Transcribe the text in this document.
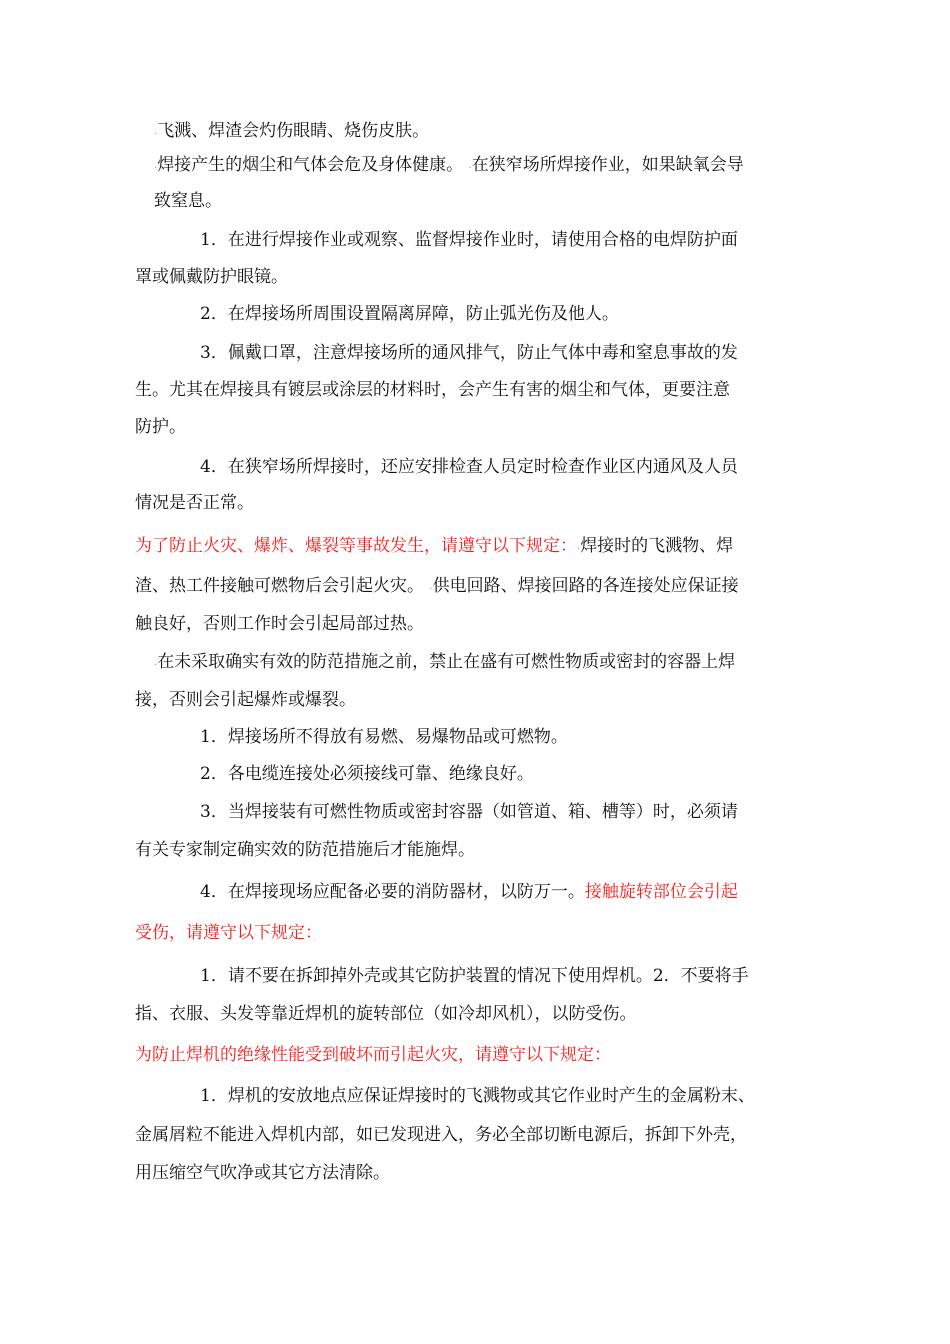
.飞溅、焊渣会灼伤眼睛、烧伤皮肤。
.焊接产生的烟尘和气体会危及身体健康。 .在狭窄场所焊接作业，如果缺氧会导
致窒息。
1．在进行焊接作业或观察、监督焊接作业时，请使用合格的电焊防护面
罩或佩戴防护眼镜。
2．在焊接场所周围设置隔离屏障，防止弧光伤及他人。
3．佩戴口罩，注意焊接场所的通风排气，防止气体中毒和窒息事故的发
生。尤其在焊接具有镀层或涂层的材料时，会产生有害的烟尘和气体，更要注意
防护。
4．在狭窄场所焊接时，还应安排检查人员定时检查作业区内通风及人员
情况是否正常。
为了防止火灾、爆炸、爆裂等事故发生，请遵守以下规定：.焊接时的飞溅物、焊
渣、热工件接触可燃物后会引起火灾。 .供电回路、焊接回路的各连接处应保证接
触良好，否则工作时会引起局部过热。
.在未采取确实有效的防范措施之前，禁止在盛有可燃性物质或密封的容器上焊
接，否则会引起爆炸或爆裂。
1．焊接场所不得放有易燃、易爆物品或可燃物。
2．各电缆连接处必须接线可靠、绝缘良好。
3．当焊接装有可燃性物质或密封容器（如管道、箱、槽等）时，必须请
有关专家制定确实效的防范措施后才能施焊。
4．在焊接现场应配备必要的消防器材，以防万一。接触旋转部位会引起
受伤，请遵守以下规定：
1．请不要在拆卸掉外壳或其它防护装置的情况下使用焊机。2．不要将手
指、衣服、头发等靠近焊机的旋转部位（如冷却风机），以防受伤。
为防止焊机的绝缘性能受到破坏而引起火灾，请遵守以下规定：
1．焊机的安放地点应保证焊接时的飞溅物或其它作业时产生的金属粉末、
金属屑粒不能进入焊机内部，如已发现进入，务必全部切断电源后，拆卸下外壳，
用压缩空气吹净或其它方法清除。
